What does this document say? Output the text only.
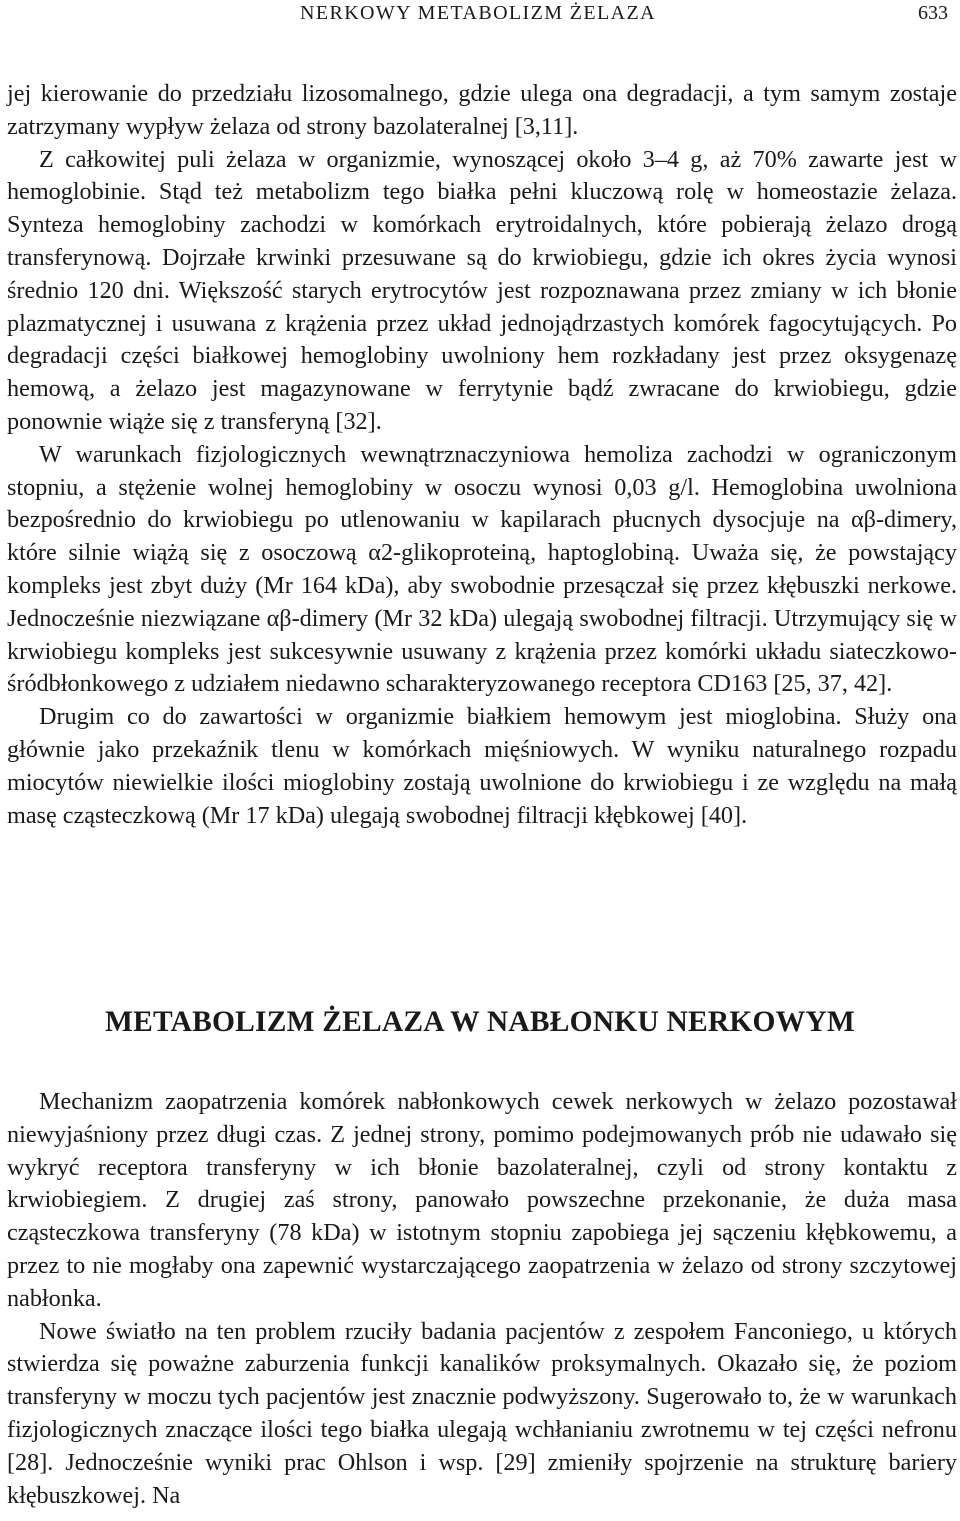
NERKOWY METABOLIZM ŻELAZA	633

jej kierowanie do przedziału lizosomalnego, gdzie ulega ona degradacji, a tym samym zostaje zatrzymany wypływ żelaza od strony bazolateralnej [3,11].

Z całkowitej puli żelaza w organizmie, wynoszącej około 3–4 g, aż 70% zawarte jest w hemoglobinie. Stąd też metabolizm tego białka pełni kluczową rolę w homeostazie żelaza. Synteza hemoglobiny zachodzi w komórkach erytroidalnych, które pobierają żelazo drogą transferynową. Dojrzałe krwinki przesuwane są do krwiobiegu, gdzie ich okres życia wynosi średnio 120 dni. Większość starych erytrocytów jest rozpoznawana przez zmiany w ich błonie plazmatycznej i usuwana z krążenia przez układ jednojądrzastych komórek fagocytujących. Po degradacji części białkowej hemoglobiny uwolniony hem rozkładany jest przez oksygenazę hemową, a żelazo jest magazynowane w ferrytynie bądź zwracane do krwiobiegu, gdzie ponownie wiąże się z transferyną [32].

W warunkach fizjologicznych wewnątrznaczyniowa hemoliza zachodzi w ograniczonym stopniu, a stężenie wolnej hemoglobiny w osoczu wynosi 0,03 g/l. Hemoglobina uwolniona bezpośrednio do krwiobiegu po utlenowaniu w kapilarach płucnych dysocjuje na αβ-dimery, które silnie wiążą się z osoczową α2-glikoproteiną, haptoglobiną. Uważa się, że powstający kompleks jest zbyt duży (Mr 164 kDa), aby swobodnie przesączał się przez kłębuszki nerkowe. Jednocześnie niezwiązane αβ-dimery (Mr 32 kDa) ulegają swobodnej filtracji. Utrzymujący się w krwiobiegu kompleks jest sukcesywnie usuwany z krążenia przez komórki układu siateczkowo-śródbłonkowego z udziałem niedawno scharakteryzowanego receptora CD163 [25, 37, 42].

Drugim co do zawartości w organizmie białkiem hemowym jest mioglobina. Służy ona głównie jako przekaźnik tlenu w komórkach mięśniowych. W wyniku naturalnego rozpadu miocytów niewielkie ilości mioglobiny zostają uwolnione do krwiobiegu i ze względu na małą masę cząsteczkową (Mr 17 kDa) ulegają swobodnej filtracji kłębkowej [40].

METABOLIZM ŻELAZA W NABŁONKU NERKOWYM

Mechanizm zaopatrzenia komórek nabłonkowych cewek nerkowych w żelazo pozostawał niewyjaśniony przez długi czas. Z jednej strony, pomimo podejmowanych prób nie udawało się wykryć receptora transferyny w ich błonie bazolateralnej, czyli od strony kontaktu z krwiobiegiem. Z drugiej zaś strony, panowało powszechne przekonanie, że duża masa cząsteczkowa transferyny (78 kDa) w istotnym stopniu zapobiega jej sączeniu kłębkowemu, a przez to nie mogłaby ona zapewnić wystarczającego zaopatrzenia w żelazo od strony szczytowej nabłonka.

Nowe światło na ten problem rzuciły badania pacjentów z zespołem Fanconiego, u których stwierdza się poważne zaburzenia funkcji kanalików proksymalnych. Okazało się, że poziom transferyny w moczu tych pacjentów jest znacznie podwyższony. Sugerowało to, że w warunkach fizjologicznych znaczące ilości tego białka ulegają wchłanianiu zwrotnemu w tej części nefronu [28]. Jednocześnie wyniki prac Ohlson i wsp. [29] zmieniły spojrzenie na strukturę bariery kłębuszkowej. Na
